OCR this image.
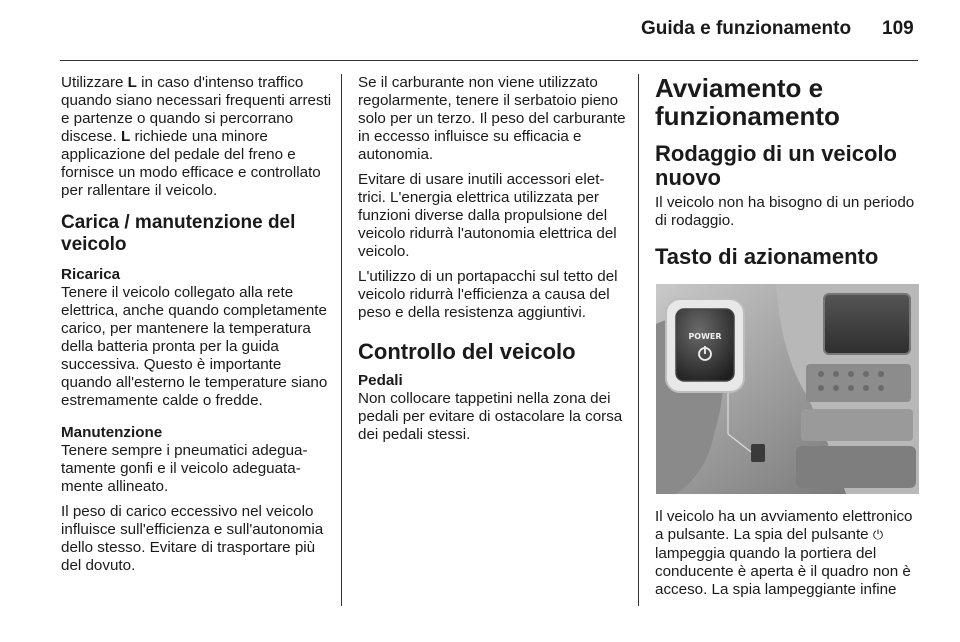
Guida e funzionamento 109

Utilizzare L in caso d'intenso traffico quando siano necessari frequenti arresti e partenze o quando si percorrano discese. L richiede una minore applicazione del pedale del freno e fornisce un modo efficace e controllato per rallentare il veicolo.

Carica / manutenzione del veicolo
Ricarica

Tenere il veicolo collegato alla rete elettrica, anche quando completamente carico, per mantenere la temperatura della batteria pronta per la guida successiva. Questo è importante quando all'esterno le temperature siano estremamente calde o fredde.

Manutenzione

Tenere sempre i pneumatici adeguatamente gonfi e il veicolo adeguatamente allineato.

Il peso di carico eccessivo nel veicolo influisce sull'efficienza e sull'autonomia dello stesso. Evitare di trasportare più del dovuto.

Se il carburante non viene utilizzato regolarmente, tenere il serbatoio pieno solo per un terzo. Il peso del carburante in eccesso influisce su efficacia e autonomia.

Evitare di usare inutili accessori elettrici. L'energia elettrica utilizzata per funzioni diverse dalla propulsione del veicolo ridurrà l'autonomia elettrica del veicolo.

L'utilizzo di un portapacchi sul tetto del veicolo ridurrà l'efficienza a causa del peso e della resistenza aggiuntivi.

Controllo del veicolo
Pedali

Non collocare tappetini nella zona dei pedali per evitare di ostacolare la corsa dei pedali stessi.

Avviamento e funzionamento
Rodaggio di un veicolo nuovo

Il veicolo non ha bisogno di un periodo di rodaggio.

Tasto di azionamento
POWER

Il veicolo ha un avviamento elettronico a pulsante. La spia del pulsante ⏻ lampeggia quando la portiera del conducente è aperta è il quadro non è acceso. La spia lampeggiante infine
